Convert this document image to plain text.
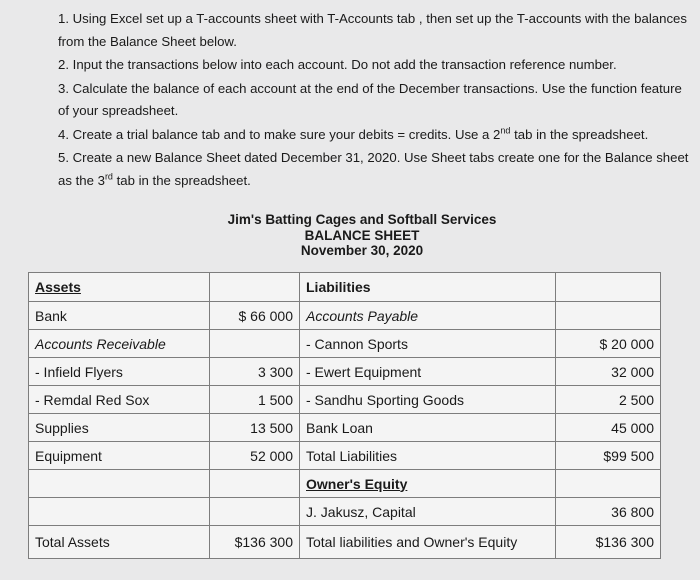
1. Using Excel set up a T-accounts sheet with T-Accounts tab , then set up the T-accounts with the balances from the Balance Sheet below.
2. Input the transactions below into each account. Do not add the transaction reference number.
3. Calculate the balance of each account at the end of the December transactions. Use the function feature of your spreadsheet.
4. Create a trial balance tab and to make sure your debits = credits. Use a 2nd tab in the spreadsheet.
5. Create a new Balance Sheet dated December 31, 2020. Use Sheet tabs create one for the Balance sheet as the 3rd tab in the spreadsheet.
Jim's Batting Cages and Softball Services
BALANCE SHEET
November 30, 2020
Assets		Liabilities	
Bank	$ 66 000	Accounts Payable	
Accounts Receivable		- Cannon Sports	$ 20 000
- Infield Flyers	3 300	- Ewert Equipment	32 000
- Remdal Red Sox	1 500	- Sandhu Sporting Goods	2 500
Supplies	13 500	Bank Loan	45 000
Equipment	52 000	Total Liabilities	$99 500
		Owner's Equity	
		J. Jakusz, Capital	36 800
Total Assets	$136 300	Total liabilities and Owner's Equity	$136 300
